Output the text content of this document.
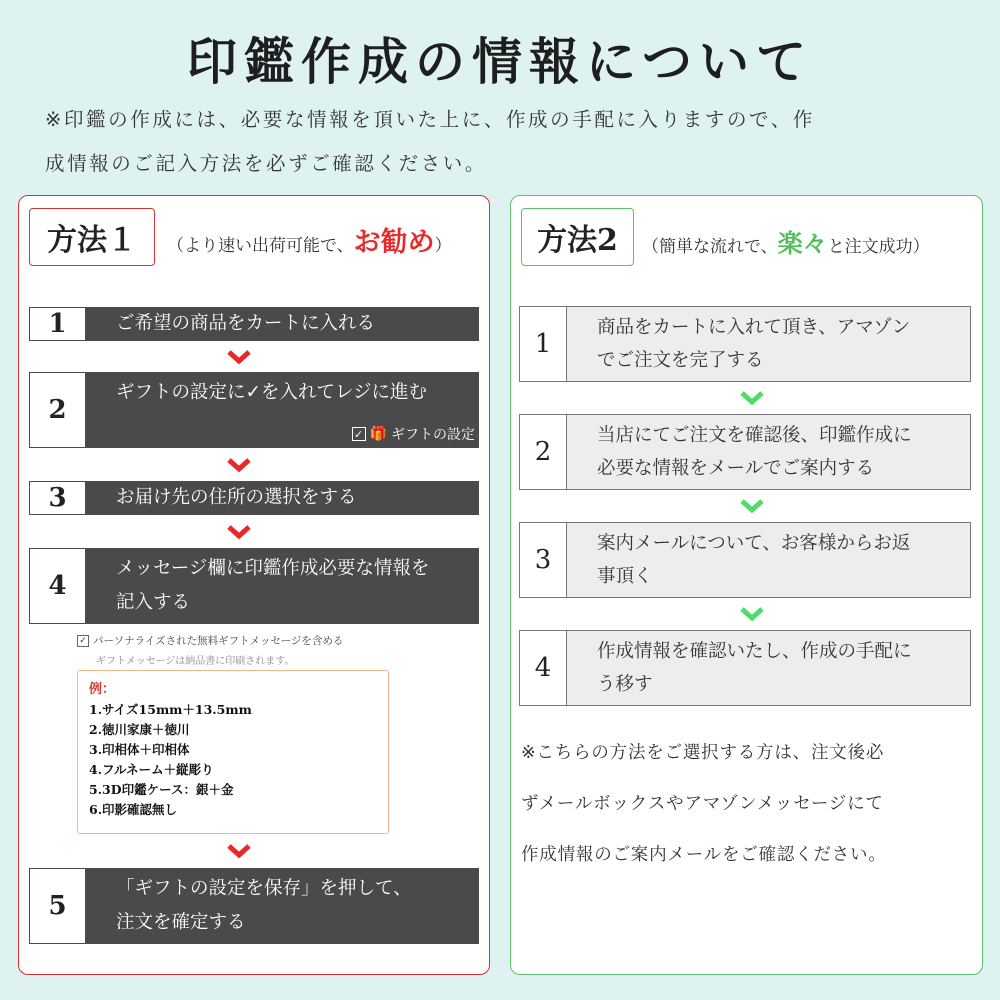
印鑑作成の情報について
※印鑑の作成には、必要な情報を頂いた上に、作成の手配に入りますので、作
成情報のご記入方法を必ずご確認ください。
方法１	（より速い出荷可能で、お勧め）
1	ご希望の商品をカートに入れる
2
ギフトの設定に✓を入れてレジに進む
✓ 🎁 ギフトの設定
3	お届け先の住所の選択をする
4
メッセージ欄に印鑑作成必要な情報を
記入する
✓ パーソナライズされた無料ギフトメッセージを含める
ギフトメッセージは納品書に印刷されます。
例：
1.サイズ15mm＋13.5mm
2.徳川家康＋徳川
3.印相体＋印相体
4.フルネーム＋縦彫り
5.3D印鑑ケース：銀＋金
6.印影確認無し
5
「ギフトの設定を保存」を押して、
注文を確定する
方法2	（簡単な流れで、楽々と注文成功）
1
商品をカートに入れて頂き、アマゾン
でご注文を完了する
2
当店にてご注文を確認後、印鑑作成に
必要な情報をメールでご案内する
3
案内メールについて、お客様からお返
事頂く
4
作成情報を確認いたし、作成の手配に
う移す
※こちらの方法をご選択する方は、注文後必
ずメールボックスやアマゾンメッセージにて
作成情報のご案内メールをご確認ください。
